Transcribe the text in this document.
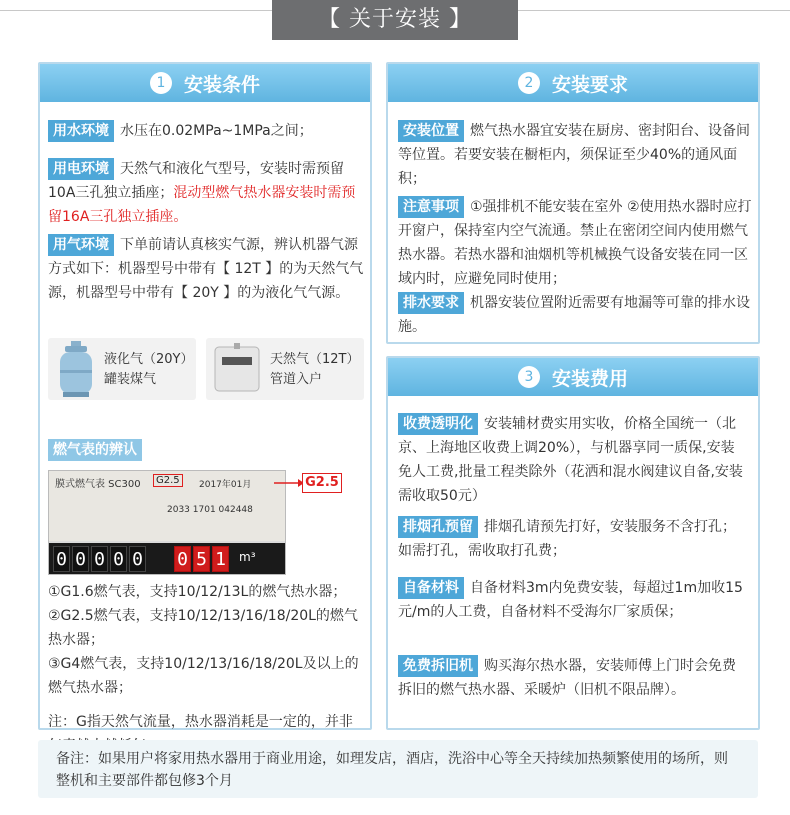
【 关于安装 】
1 安装条件
用水环境 水压在0.02MPa~1MPa之间；
用电环境 天然气和液化气型号，安装时需预留10A三孔独立插座；混动型燃气热水器安装时需预留16A三孔独立插座。
用气环境 下单前请认真核实气源，辨认机器气源方式如下：机器型号中带有【 12T 】的为天然气气源，机器型号中带有【 20Y 】的为液化气气源。
液化气（20Y）
罐装煤气
天然气（12T）
管道入户
燃气表的辨认
膜式燃气表 SC300	G2.5	2017年01月
2033 1701 042448
0 0 0 0 0 0 5 1 m³
G2.5
①G1.6燃气表，支持10/12/13L的燃气热水器；
②G2.5燃气表，支持10/12/13/16/18/20L的燃气热水器；
③G4燃气表，支持10/12/13/16/18/20L及以上的燃气热水器；
注：G指天然气流量，热水器消耗是一定的，并非
2 安装要求
安装位置 燃气热水器宜安装在厨房、密封阳台、设备间等位置。若要安装在橱柜内，须保证至少40%的通风面积；
注意事项 ①强排机不能安装在室外 ②使用热水器时应打开窗户，保持室内空气流通。禁止在密闭空间内使用燃气热水器。若热水器和油烟机等机械换气设备安装在同一区域内时，应避免同时使用；
排水要求 机器安装位置附近需要有地漏等可靠的排水设施。
3 安装费用
收费透明化 安装辅材费实用实收，价格全国统一（北京、上海地区收费上调20%），与机器享同一质保,安装免人工费,批量工程类除外（花洒和混水阀建议自备,安装需收取50元）
排烟孔预留 排烟孔请预先打好，安装服务不含打孔；如需打孔，需收取打孔费；
自备材料 自备材料3m内免费安装，每超过1m加收15元/m的人工费，自备材料不受海尔厂家质保；
免费拆旧机 购买海尔热水器，安装师傅上门时会免费拆旧的燃气热水器、采暖炉（旧机不限品牌）。
备注：如果用户将家用热水器用于商业用途，如理发店，酒店，洗浴中心等全天持续加热频繁使用的场所，则整机和主要部件都包修3个月
